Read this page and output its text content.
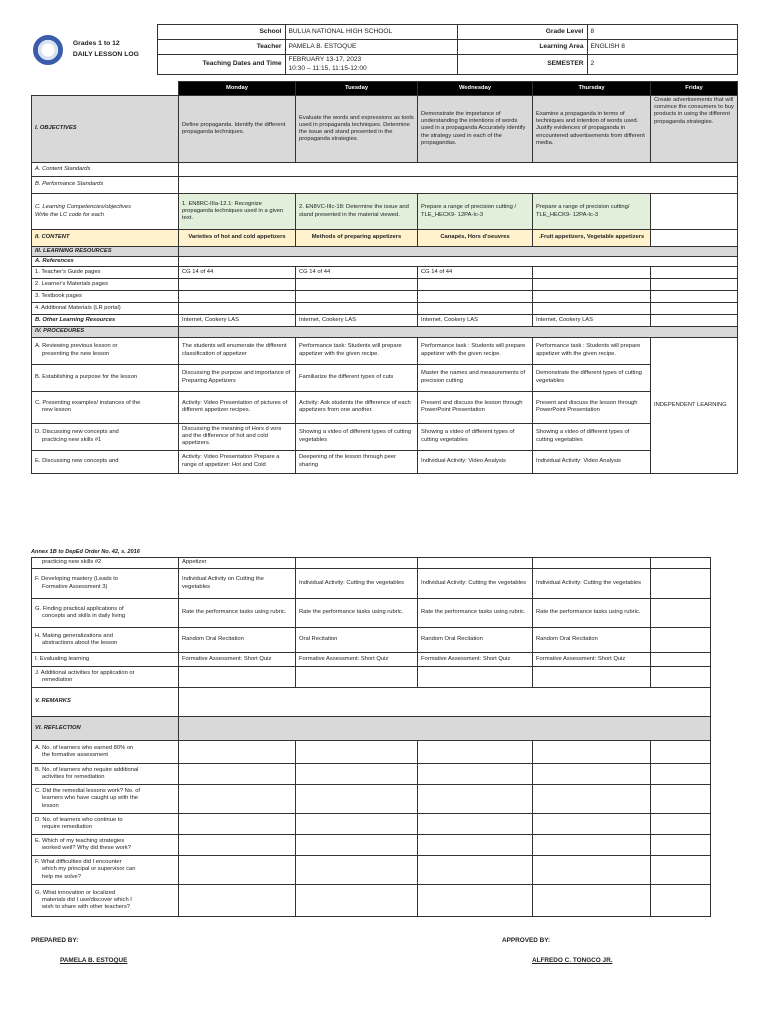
Grades 1 to 12
DAILY LESSON LOG	School	BULUA NATIONAL HIGH SCHOOL	Grade Level	8
	Teacher	PAMELA B. ESTOQUE	Learning Area	ENGLISH 8
	Teaching Dates and Time	FEBRUARY 13-17, 2023
10:30 – 11:15, 11:15-12:00	SEMESTER	2

	Monday	Tuesday	Wednesday	Thursday	Friday
I. OBJECTIVES	Define propaganda. Identify the different propaganda techniques.	Evaluate the words and expressions as tools used in propaganda techniques. Determine the issue and stand presented in the propaganda strategies.	Demonstrate the importance of understanding the intentions of words used in a propaganda Accurately identify the strategy used in each of the propagandas.	Examine a propaganda in terms of techniques and intention of words used. Justify evidences of propaganda in encountered advertisements from different media.	Create advertisements that will convince the consumers to buy products in using the different propaganda strategies.
A. Content Standards					
B. Performance Standards					
C. Learning Competencies/objectives
Write the LC code for each	1. EN8RC-IIIa-12.1: Recognize propaganda techniques used in a given text.	2. EN8VC-IIIc-18: Determine the issue and stand presented in the material viewed.	Prepare a range of precision cutting / TLE_HECK9- 12PA-Ic-3	Prepare a range of precision cutting/ TLE_HECK9- 12PA-Ic-3	
II. CONTENT	Varieties of hot and cold appetizers	Methods of preparing appetizers	Canapés, Hors d'oeuvres	.Fruit appetizers, Vegetable appetizers	
III. LEARNING RESOURCES					
A. References					
1. Teacher's Guide pages	CG 14 of 44	CG 14 of 44	CG 14 of 44		
2. Learner's Materials pages					
3. Textbook pages					
4. Additional Materials (LR portal)					
B. Other Learning Resources	Internet, Cookery LAS	Internet, Cookery LAS	Internet, Cookery LAS	Internet, Cookery LAS	
IV. PROCEDURES					
A. Reviewing previous lesson or
presenting the new lesson	The students will enumerate the different classification of appetizer	Performance task: Students will prepare appetizer with the given recipe.	Performance task : Students will prepare appetizer with the given recipe.	Performance task : Students will prepare appetizer with the given recipe.	INDEPENDENT LEARNING
B. Establishing a purpose for the lesson	Discussing the purpose and importance of Preparing Appetizers	Familiarize the different types of cuts	Master the names and measurements of precision cutting	Demonstrate the different types of cutting vegetables	
C. Presenting examples/ instances of the
new lesson	Activity: Video Presentation of pictures of different appetizer recipes.	Activity: Ask students the difference of each appetizers from one another.	Present and discuss the lesson through PowerPoint Presentation	Present and discuss the lesson through PowerPoint Presentation	
D. Discussing new concepts and
practicing new skills #1	Discussing the meaning of Hors d vors and the difference of hot and cold appetizers.	Showing a video of different types of cutting vegetables	Showing a video of different types of cutting vegetables	Showing a video of different types of cutting vegetables	
E. Discussing new concepts and	Activity: Video Presentation Prepare a range of appetizer: Hot and Cold	Deepening of the lesson through peer sharing	Individual Activity: Video Analysis	Individual Activity: Video Analysis	
Annex 1B to DepEd Order No. 42, s. 2016
practicing new skills #2	Appetizer				
F. Developing mastery (Leads to
Formative Assessment 3)	Individual Activity on Cutting the vegetables	Individual Activity: Cutting the vegetables	Individual Activity: Cutting the vegetables	Individual Activity: Cutting the vegetables	
G. Finding practical applications of
concepts and skills in daily living	Rate the performance tasks using rubric.	Rate the performance tasks using rubric.	Rate the performance tasks using rubric.	Rate the performance tasks using rubric.	
H. Making generalizations and
abstractions about the lesson	Random Oral Recitation	Oral Recitation	Random Oral Recitation	Random Oral Recitation	
I. Evaluating learning	Formative Assessment: Short Quiz	Formative Assessment: Short Quiz	Formative Assessment: Short Quiz	Formative Assessment: Short Quiz	
J. Additional activities for application or
remediation					
V. REMARKS					
VI. REFLECTION					
A. No. of learners who earned 80% on
the formative assessment					
B. No. of learners who require additional
activities for remediation					
C. Did the remedial lessons work? No. of
learners who have caught up with the
lesson					
D. No. of learners who continue to
require remediation					
E. Which of my teaching strategies
worked well? Why did these work?					
F. What difficulties did I encounter
which my principal or supervisor can
help me solve?					
G. What innovation or localized
materials did I use/discover which I
wish to share with other teachers?					
PREPARED BY:
PAMELA B. ESTOQUE
APPROVED BY:
ALFREDO C. TONGCO JR.
